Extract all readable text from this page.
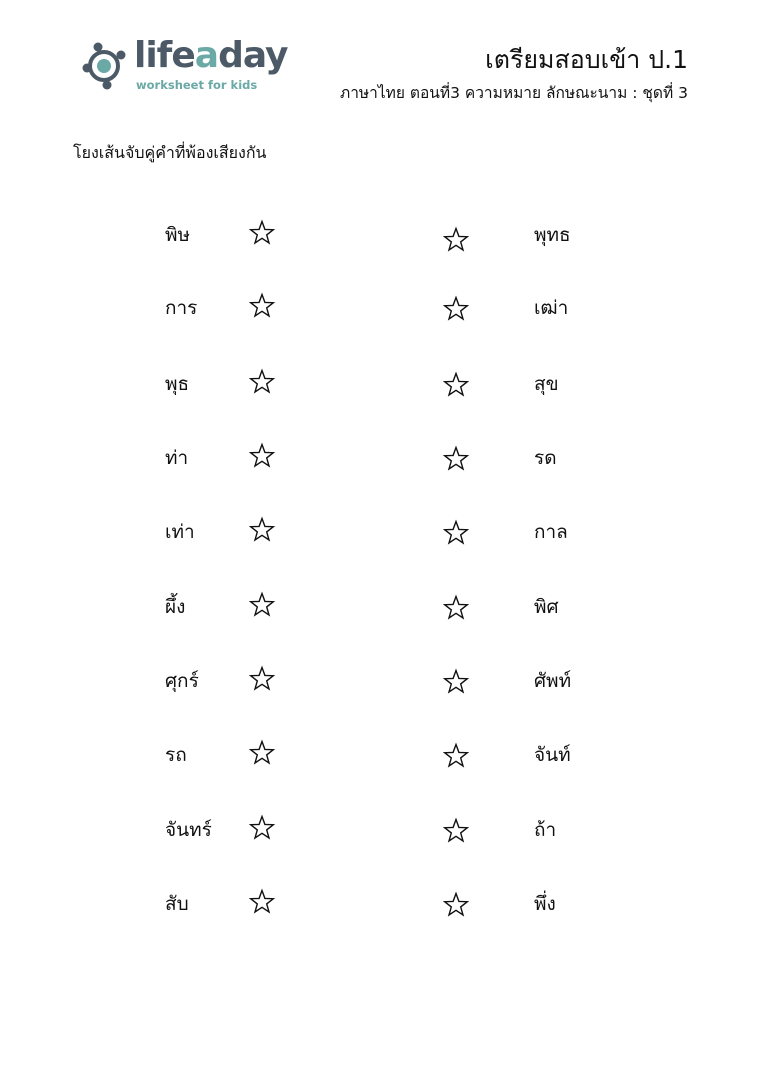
lifeaday
worksheet for kids
เตรียมสอบเข้า ป.1
ภาษาไทย ตอนที่3 ความหมาย ลักษณะนาม : ชุดที่ 3
โยงเส้นจับคู่คำที่พ้องเสียงกัน
พิษ	พุทธ
การ	เฒ่า
พุธ	สุข
ท่า	รด
เท่า	กาล
ผึ้ง	พิศ
ศุกร์	ศัพท์
รถ	จันท์
จันทร์	ถ้า
สับ	พึ่ง
